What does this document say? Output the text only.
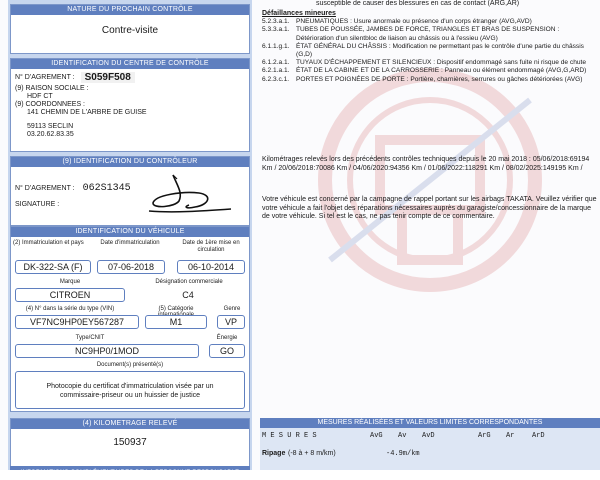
NATURE DU PROCHAIN CONTRÔLE
Contre-visite
IDENTIFICATION DU CENTRE DE CONTRÔLE
N° D'AGREMENT :	S059F508
(9) RAISON SOCIALE :
HDF CT
(9) COORDONNEES :
141 CHEMIN DE L'ARBRE DE GUISE
59113 SECLIN
03.20.62.83.35
(9) IDENTIFICATION DU CONTRÔLEUR
N° D'AGREMENT : 062S1345
SIGNATURE :
IDENTIFICATION DU VÉHICULE
(2) Immatriculation et pays	Date d'immatriculation	Date de 1ère mise en circulation
DK-322-SA (F)	07-06-2018	06-10-2014
Marque	Désignation commerciale
CITROEN	C4
(4) N° dans la série du type (VIN)	(5) Catégorie	Genre
VF7NC9HP0EY567287	M1	VP
Type/CNIT	Énergie
NC9HP0/1MOD	GO
Document(s) présenté(s)
Photocopie du certificat d'immatriculation visée par un commissaire-priseur ou un huissier de justice
(4) KILOMETRAGE RELEVÉ
150937
INFORMATIONS COMPLÉMENTAIRES DE LA PERSONNE RESPONSABLE
susceptible de causer des blessures en cas de contact (ARG,AR)
Défaillances mineures
5.2.3.a.1. PNEUMATIQUES : Usure anormale ou présence d'un corps étranger (AVG,AVD)
5.3.3.a.1. TUBES DE POUSSÉE, JAMBES DE FORCE, TRIANGLES ET BRAS DE SUSPENSION : Détérioration d'un silentbloc de liaison au châssis ou à l'essieu (AVG)
6.1.1.g.1. ÉTAT GÉNÉRAL DU CHÂSSIS : Modification ne permettant pas le contrôle d'une partie du châssis (G,D)
6.1.2.a.1. TUYAUX D'ÉCHAPPEMENT ET SILENCIEUX : Dispositif endommagé sans fuite ni risque de chute
6.2.1.a.1. ÉTAT DE LA CABINE ET DE LA CARROSSERIE : Panneau ou élément endommagé (AVG,G,ARD)
6.2.3.c.1.	PORTES ET POIGNÉES DE PORTE : Portière, charnières, serrures ou gâches détériorées (AVG)
Kilométrages relevés lors des précédents contrôles techniques depuis le 20 mai 2018 : 05/06/2018:69194 Km / 20/06/2018:70086 Km / 04/06/2020:94356 Km / 01/06/2022:118291 Km / 08/02/2025:149195 Km /
Votre véhicule est concerné par la campagne de rappel portant sur les airbags TAKATA. Veuillez vérifier que votre véhicule a fait l'objet des réparations nécessaires auprès du garagiste/concessionnaire de la marque de votre véhicule. Si tel est le cas, ne pas tenir compte de ce commentaire.
MESURES RÉALISÉES ET VALEURS LIMITES CORRESPONDANTES
M E S U R E S	AvG Av AvD	ArG Ar	ArD
Ripage (-8 à + 8 m/km)	-4.9m/km
